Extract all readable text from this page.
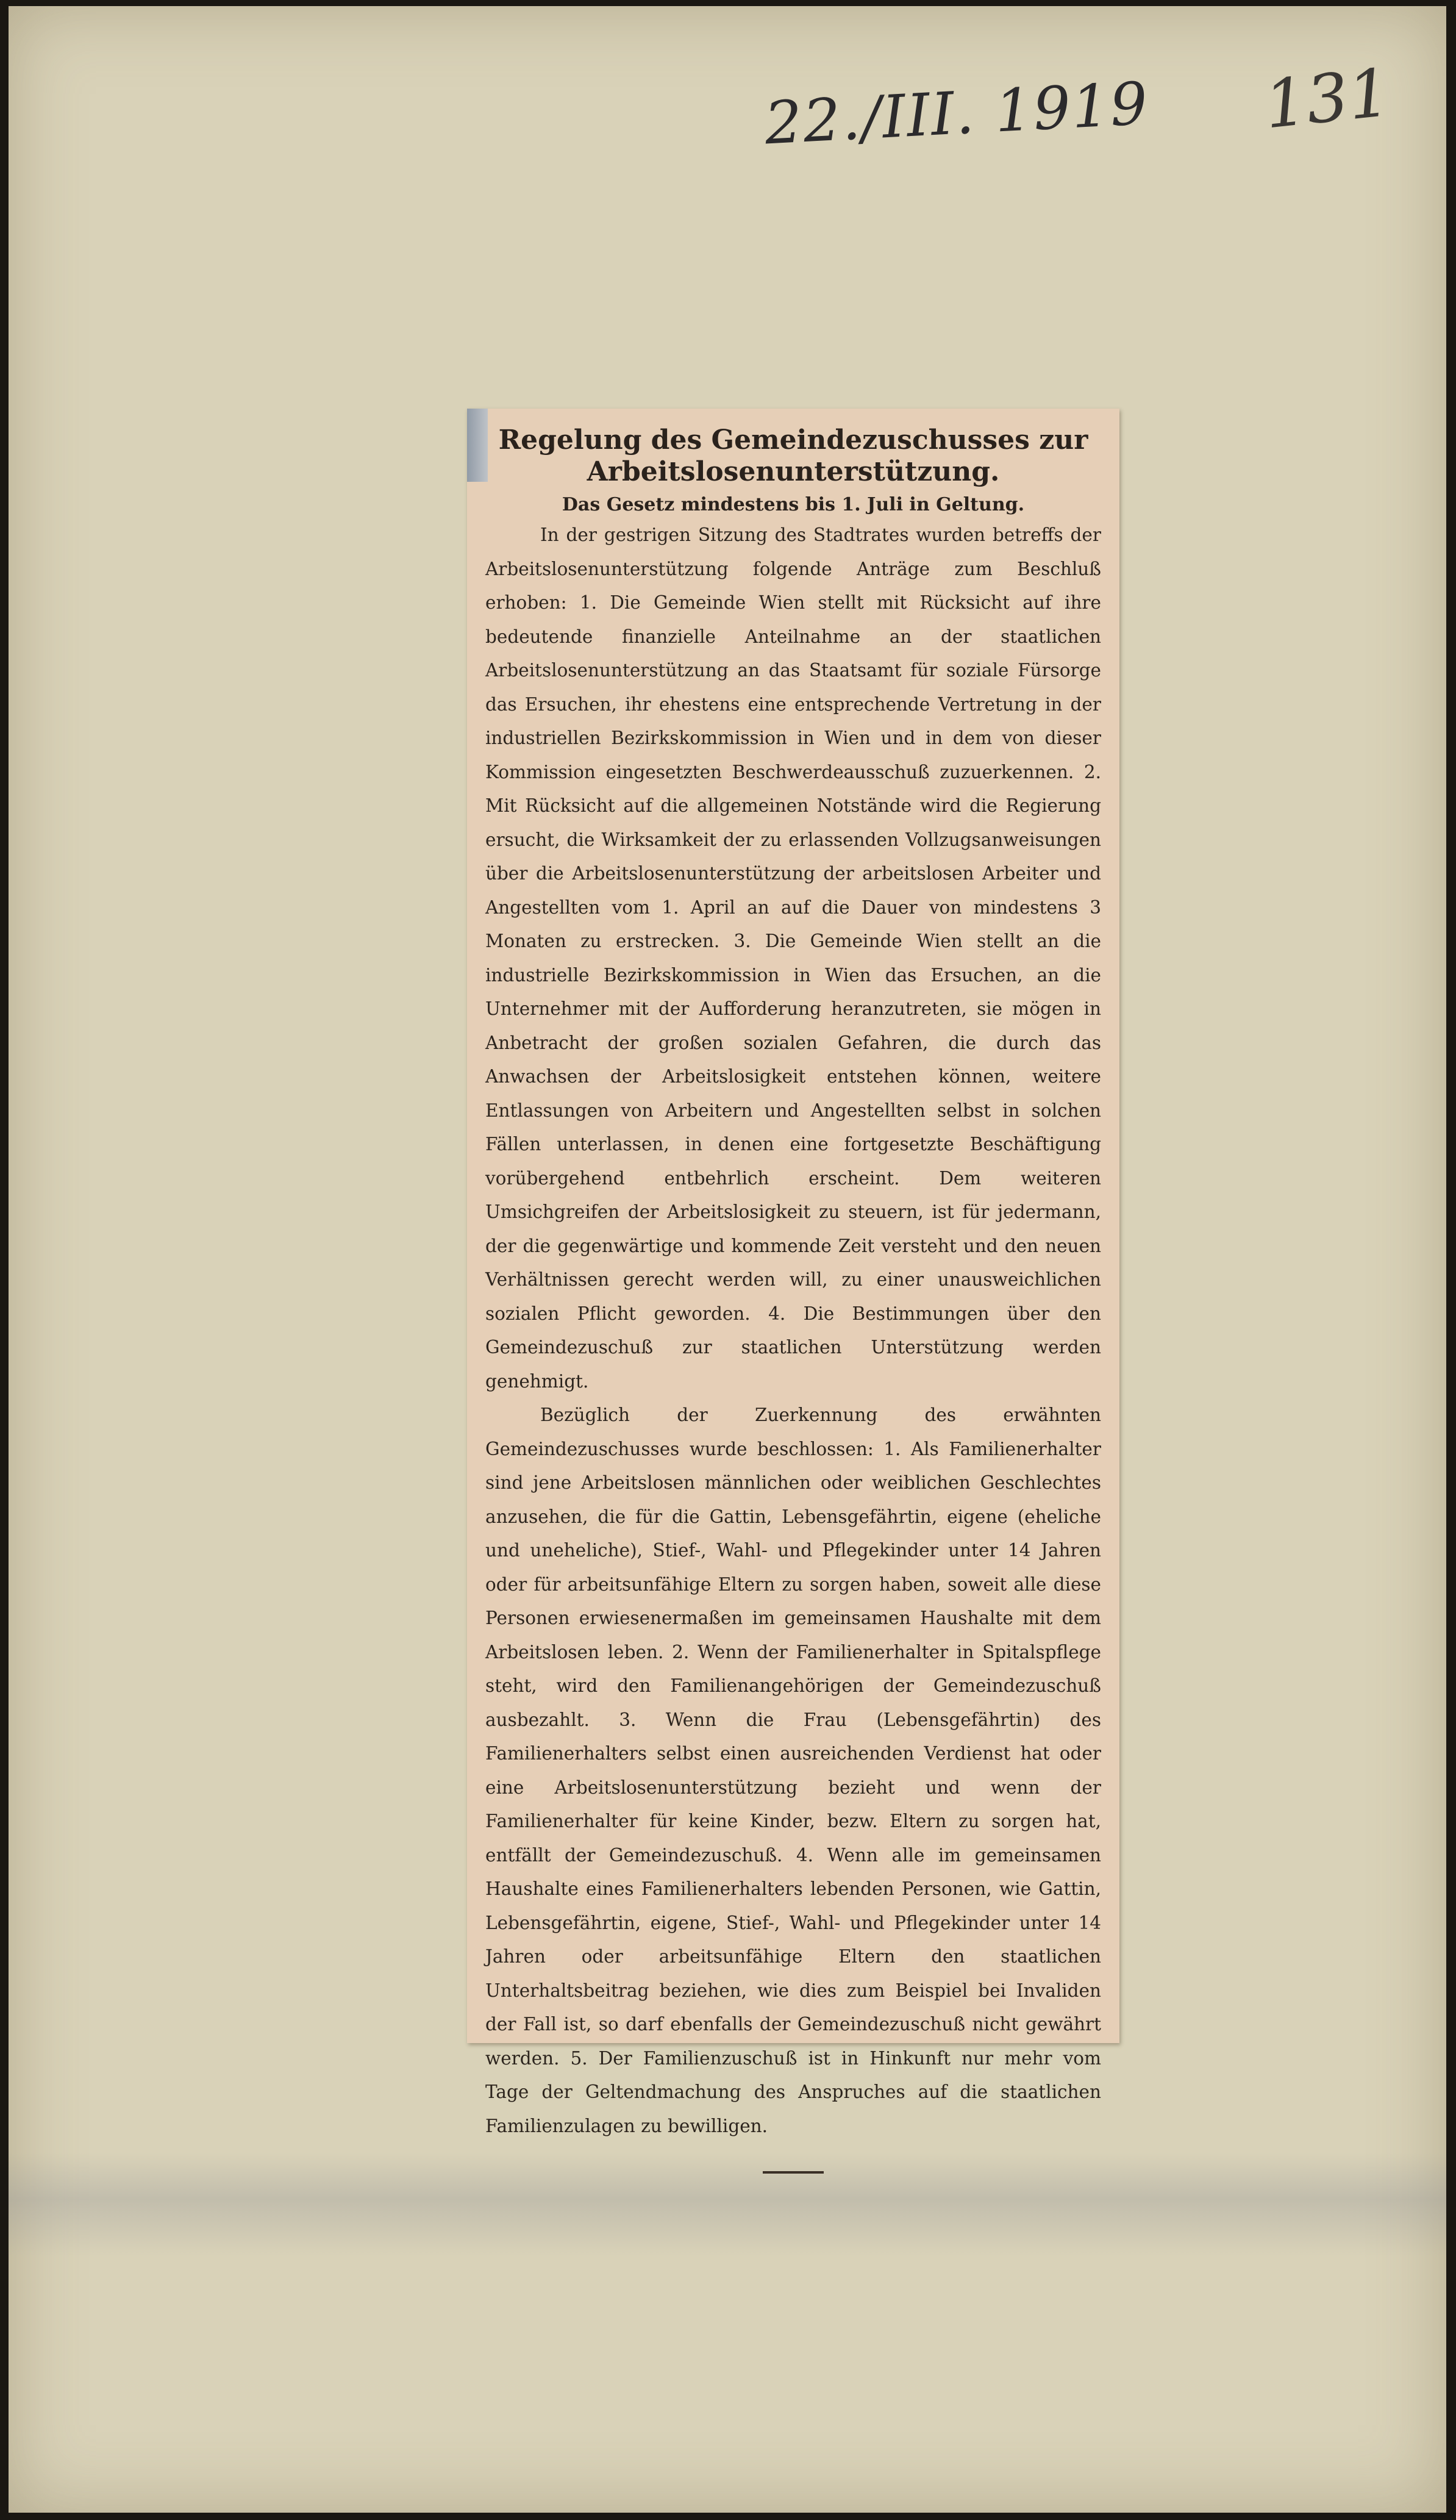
22./III. 1919 131
Regelung des Gemeindezuschusses zur Arbeitslosenunterstützung.
Das Gesetz mindestens bis 1. Juli in Geltung.

In der gestrigen Sitzung des Stadtrates wurden betreffs der Arbeitslosenunterstützung folgende Anträge zum Beschluß erhoben: 1. Die Gemeinde Wien stellt mit Rücksicht auf ihre bedeutende finanzielle Anteilnahme an der staatlichen Arbeitslosenunterstützung an das Staatsamt für soziale Fürsorge das Ersuchen, ihr ehestens eine entsprechende Vertretung in der industriellen Bezirkskommission in Wien und in dem von dieser Kommission eingesetzten Beschwerdeausschuß zuzuerkennen. 2. Mit Rücksicht auf die allgemeinen Notstände wird die Regierung ersucht, die Wirksamkeit der zu erlassenden Vollzugsanweisungen über die Arbeitslosenunterstützung der arbeitslosen Arbeiter und Angestellten vom 1. April an auf die Dauer von mindestens 3 Monaten zu erstrecken. 3. Die Gemeinde Wien stellt an die industrielle Bezirkskommission in Wien das Ersuchen, an die Unternehmer mit der Aufforderung heranzutreten, sie mögen in Anbetracht der großen sozialen Gefahren, die durch das Anwachsen der Arbeitslosigkeit entstehen können, weitere Entlassungen von Arbeitern und Angestellten selbst in solchen Fällen unterlassen, in denen eine fortgesetzte Beschäftigung vorübergehend entbehrlich erscheint. Dem weiteren Umsichgreifen der Arbeitslosigkeit zu steuern, ist für jedermann, der die gegenwärtige und kommende Zeit versteht und den neuen Verhältnissen gerecht werden will, zu einer unausweichlichen sozialen Pflicht geworden. 4. Die Bestimmungen über den Gemeindezuschuß zur staatlichen Unterstützung werden genehmigt.

Bezüglich der Zuerkennung des erwähnten Gemeindezuschusses wurde beschlossen: 1. Als Familienerhalter sind jene Arbeitslosen männlichen oder weiblichen Geschlechtes anzusehen, die für die Gattin, Lebensgefährtin, eigene (eheliche und uneheliche), Stief-, Wahl- und Pflegekinder unter 14 Jahren oder für arbeitsunfähige Eltern zu sorgen haben, soweit alle diese Personen erwiesenermaßen im gemeinsamen Haushalte mit dem Arbeitslosen leben. 2. Wenn der Familienerhalter in Spitalspflege steht, wird den Familienangehörigen der Gemeindezuschuß ausbezahlt. 3. Wenn die Frau (Lebensgefährtin) des Familienerhalters selbst einen ausreichenden Verdienst hat oder eine Arbeitslosenunterstützung bezieht und wenn der Familienerhalter für keine Kinder, bezw. Eltern zu sorgen hat, entfällt der Gemeindezuschuß. 4. Wenn alle im gemeinsamen Haushalte eines Familienerhalters lebenden Personen, wie Gattin, Lebensgefährtin, eigene, Stief-, Wahl- und Pflegekinder unter 14 Jahren oder arbeitsunfähige Eltern den staatlichen Unterhaltsbeitrag beziehen, wie dies zum Beispiel bei Invaliden der Fall ist, so darf ebenfalls der Gemeindezuschuß nicht gewährt werden. 5. Der Familienzuschuß ist in Hinkunft nur mehr vom Tage der Geltendmachung des Anspruches auf die staatlichen Familienzulagen zu bewilligen.
